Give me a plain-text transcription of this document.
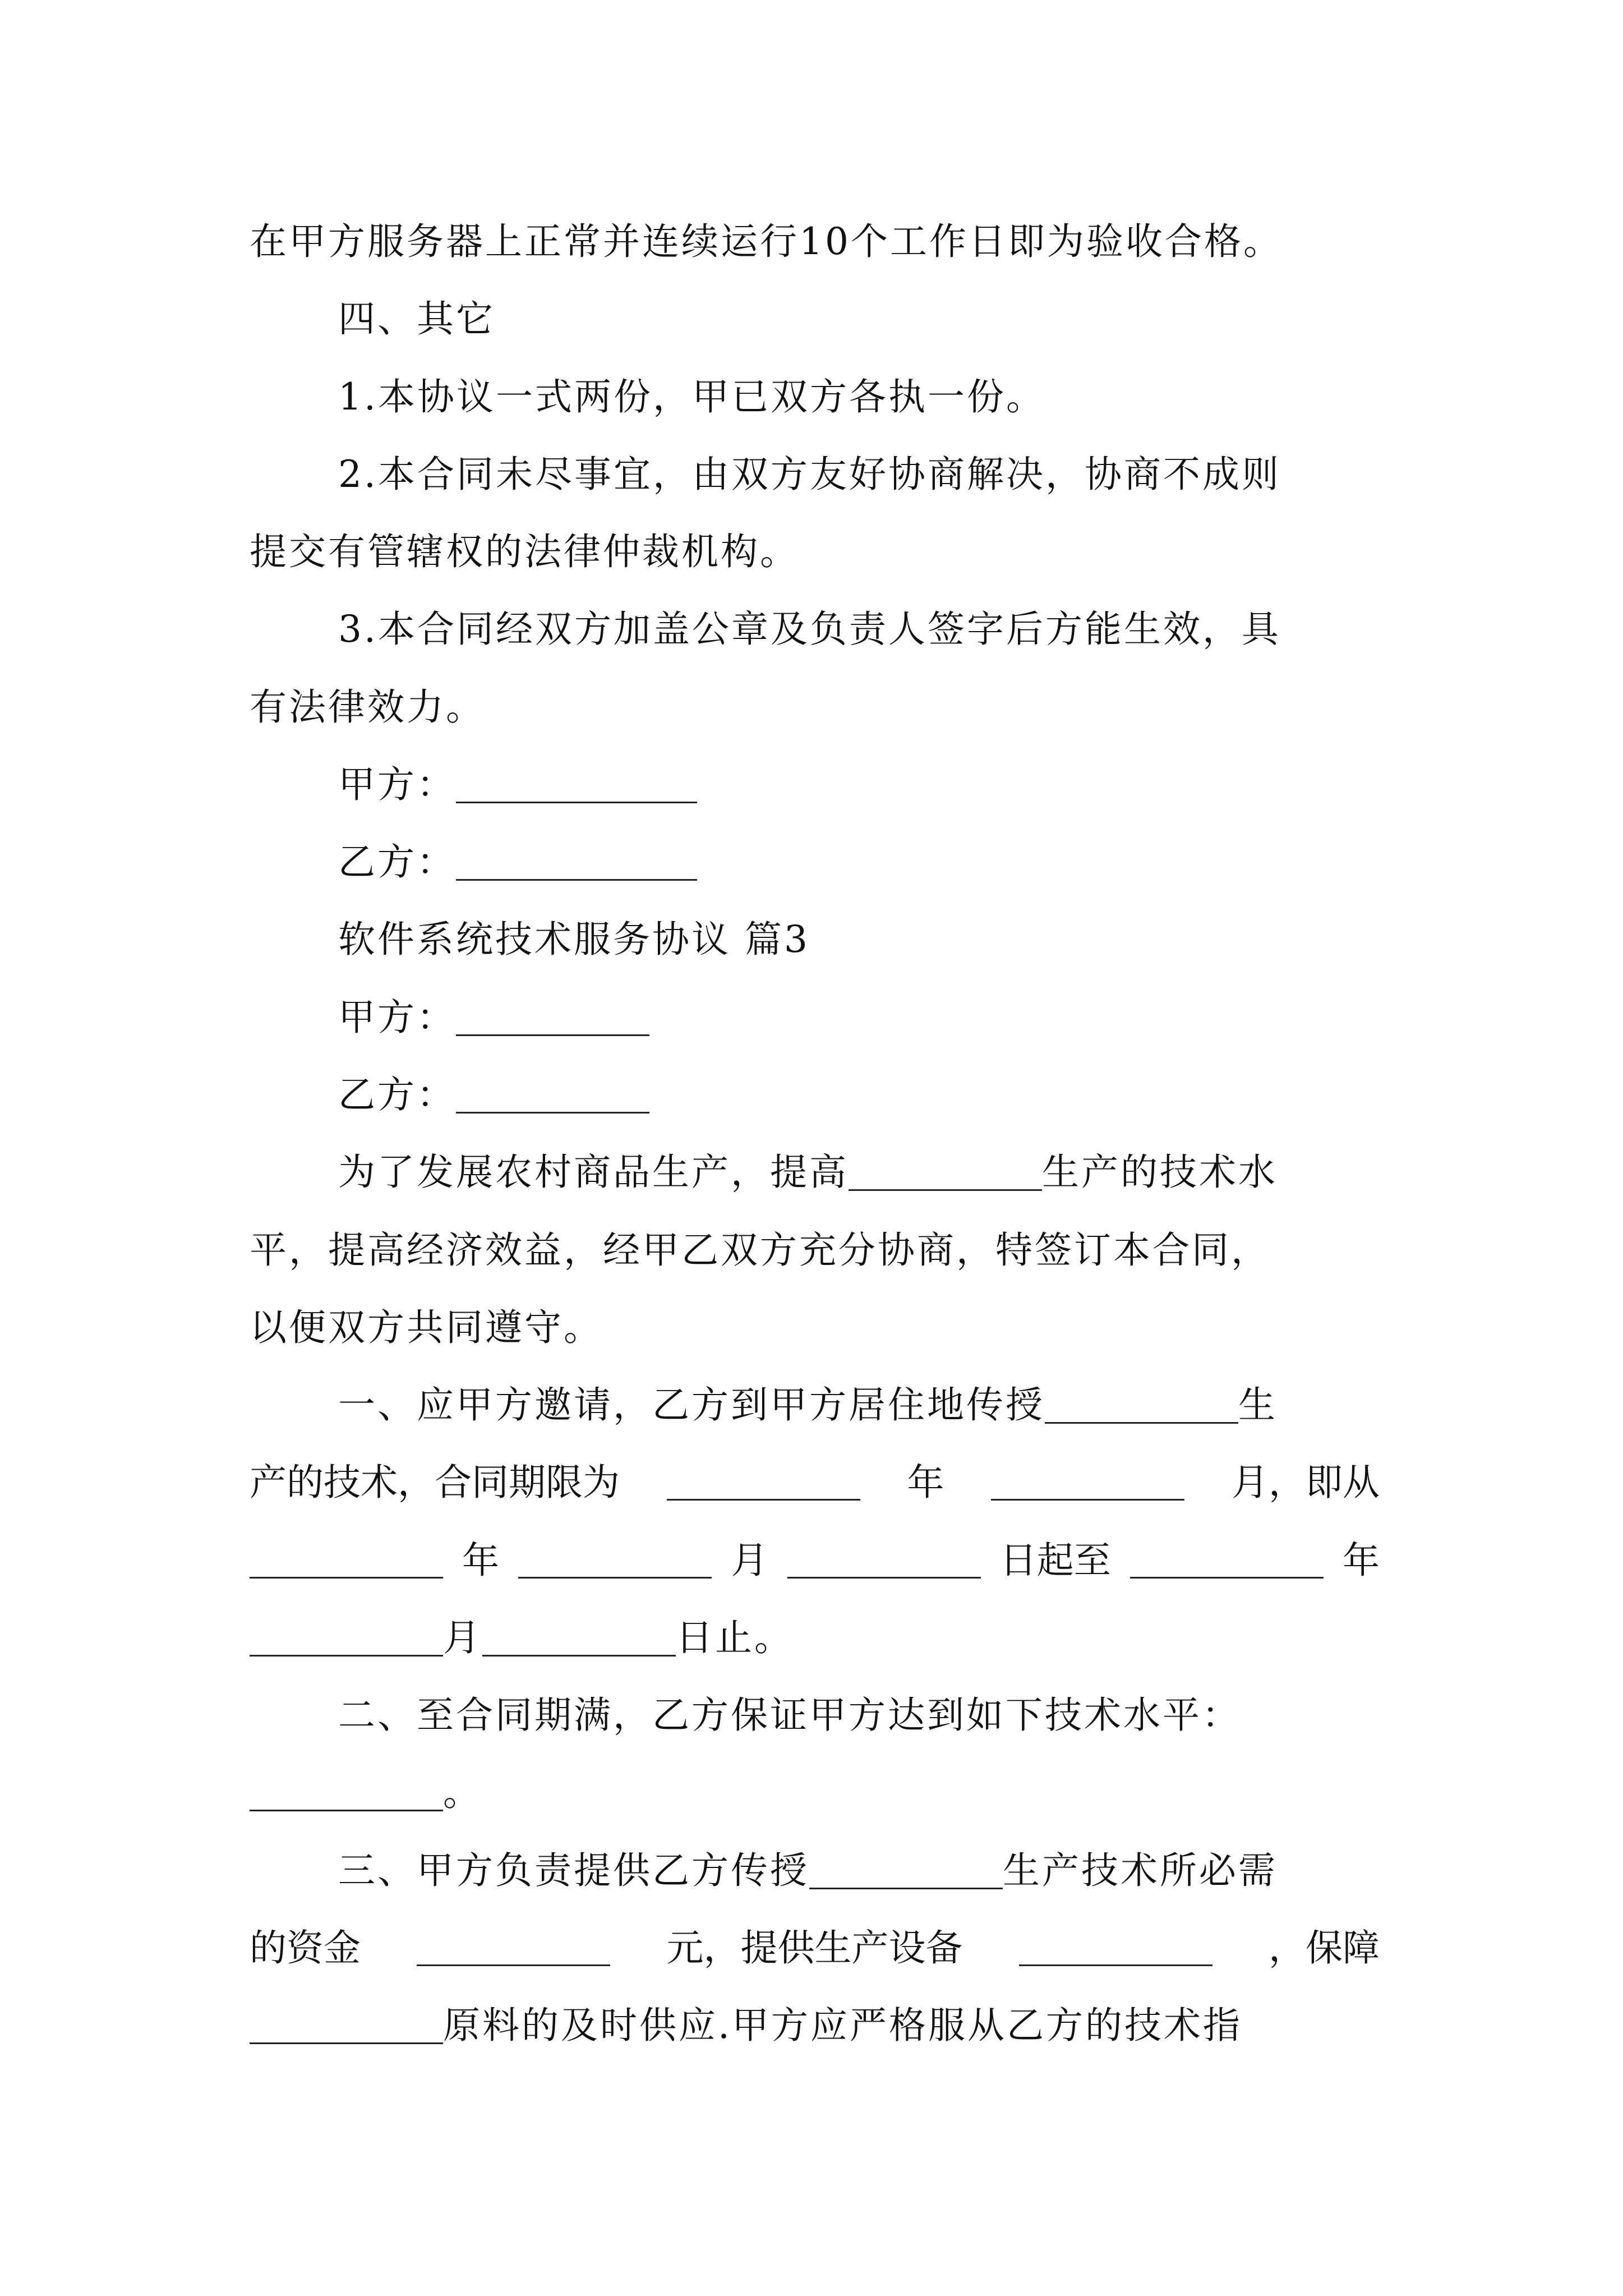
在甲方服务器上正常并连续运行10个工作日即为验收合格。
四、其它
1.本协议一式两份，甲已双方各执一份。
2.本合同未尽事宜，由双方友好协商解决，协商不成则
提交有管辖权的法律仲裁机构。
3.本合同经双方加盖公章及负责人签字后方能生效，具
有法律效力。
甲方：
乙方：
软件系统技术服务协议 篇3
甲方：
乙方：
为了发展农村商品生产，提高	生产的技术水
平，提高经济效益，经甲乙双方充分协商，特签订本合同，
以便双方共同遵守。
一、应甲方邀请，乙方到甲方居住地传授	生
产的技术，合同期限为	年	月，即从
年	月	日起至	年
月	日止。
二、至合同期满，乙方保证甲方达到如下技术水平：
。
三、甲方负责提供乙方传授	生产技术所必需
的资金	元，提供生产设备	，保障
原料的及时供应.甲方应严格服从乙方的技术指
